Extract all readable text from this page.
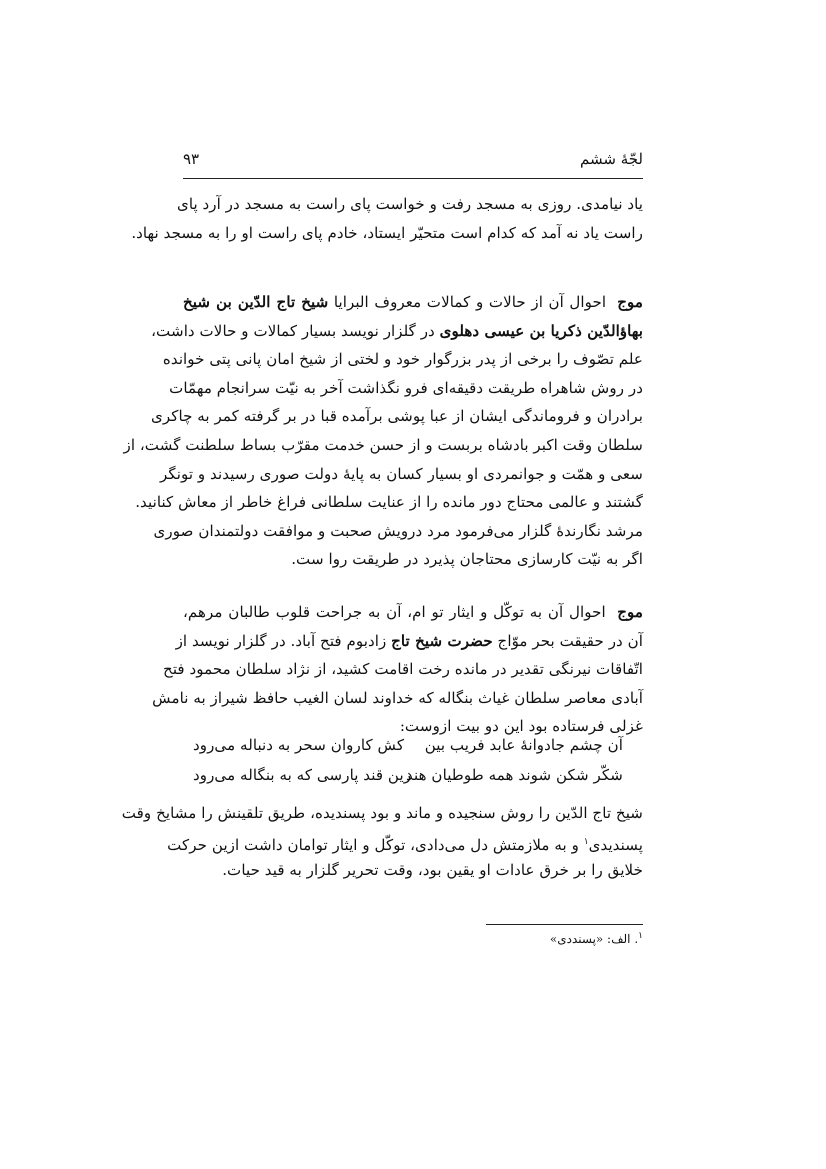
لجّهٔ ششم
۹۳
یاد نیامدی. روزی به مسجد رفت و خواست پای راست به مسجد در آرد پای
راست یاد نه آمد که کدام است متحیّر ایستاد، خادم پای راست او را به مسجد نهاد.
موج  احوال آن از حالات و کمالات معروف البرایا شیخ تاج الدّین بن شیخ
بهاؤالدّین ذکریا بن عیسی دهلوی در گلزار نویسد بسیار کمالات و حالات داشت،
علم تصّوف را برخی از پدر بزرگوار خود و لختی از شیخ امان پانی پتی خوانده
در روش شاهراه طریقت دقیقه‌ای فرو نگذاشت آخر به نیّت سرانجام مهمّات
برادران و فروماندگی ایشان از عبا پوشی برآمده قبا در بر گرفته کمر به چاکری
سلطان وقت اکبر بادشاه بربست و از حسن خدمت مقرّب بساط سلطنت گشت، از
سعی و همّت و جوانمردی او بسیار کسان به پایهٔ دولت صوری رسیدند و تونگر
گشتند و عالمی محتاج دور مانده را از عنایت سلطانی فراغ خاطر از معاش کنانید.
مرشد نگارندهٔ گلزار می‌فرمود مرد درویش صحبت و موافقت دولتمندان صوری
اگر به نیّت کارسازی محتاجان پذیرد در طریقت روا ست.
موج  احوال آن به توکّل و ایثار تو ام، آن به جراحت قلوب طالبان مرهم،
آن در حقیقت بحر موّاج حضرت شیخ تاج زادبوم فتح آباد. در گلزار نویسد از
اتّفاقات نیرنگی تقدیر در مانده رخت اقامت کشید، از نژاد سلطان محمود فتح
آبادی معاصر سلطان غیاث بنگاله که خداوند لسان الغیب حافظ شیراز به نامش
غزلی فرستاده بود این دو بیت ازوست:
آن چشم جادوانهٔ عابد فریب بین
کش کاروان سحر به دنباله می‌رود
شکّر شکن شوند همه طوطیان هند
زین قند پارسی که به بنگاله می‌رود
شیخ تاج الدّین را روش سنجیده و ماند و بود پسندیده، طریق تلقینش را مشایخ وقت
پسندیدی$^۱$ و به ملازمتش دل می‌دادی، توکّل و ایثار توامان داشت ازین حرکت
خلایق را بر خرق عادات او یقین بود، وقت تحریر گلزار به قید حیات.
$^۱$. الف: «پسنددی»
